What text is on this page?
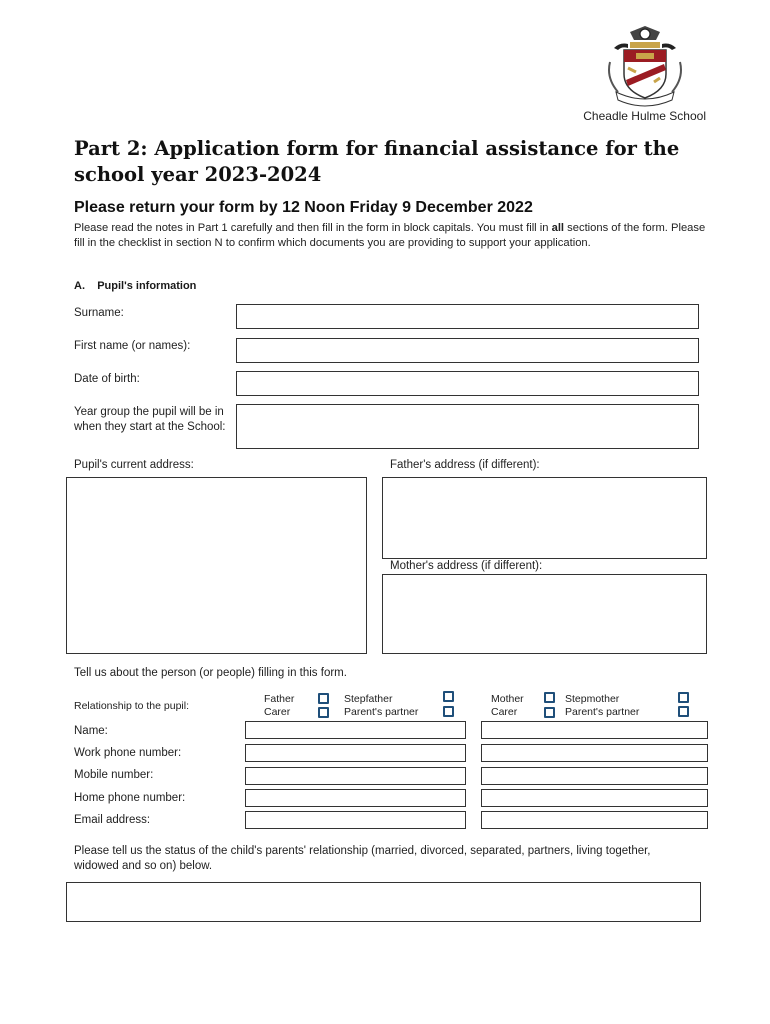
Cheadle Hulme School
Part 2: Application form for financial assistance for the school year 2023-2024
Please return your form by 12 Noon Friday 9 December 2022
Please read the notes in Part 1 carefully and then fill in the form in block capitals. You must fill in all sections of the form. Please fill in the checklist in section N to confirm which documents you are providing to support your application.
A.    Pupil's information
Surname:
First name (or names):
Date of birth:
Year group the pupil will be in when they start at the School:
Pupil's current address:	Father's address (if different):
Mother's address (if different):
Tell us about the person (or people) filling in this form.
Relationship to the pupil:
Father
Carer
Stepfather
Parent's partner
Mother
Carer
Stepmother
Parent's partner
Name:
Work phone number:
Mobile number:
Home phone number:
Email address:
Please tell us the status of the child's parents' relationship (married, divorced, separated, partners, living together, widowed and so on) below.
